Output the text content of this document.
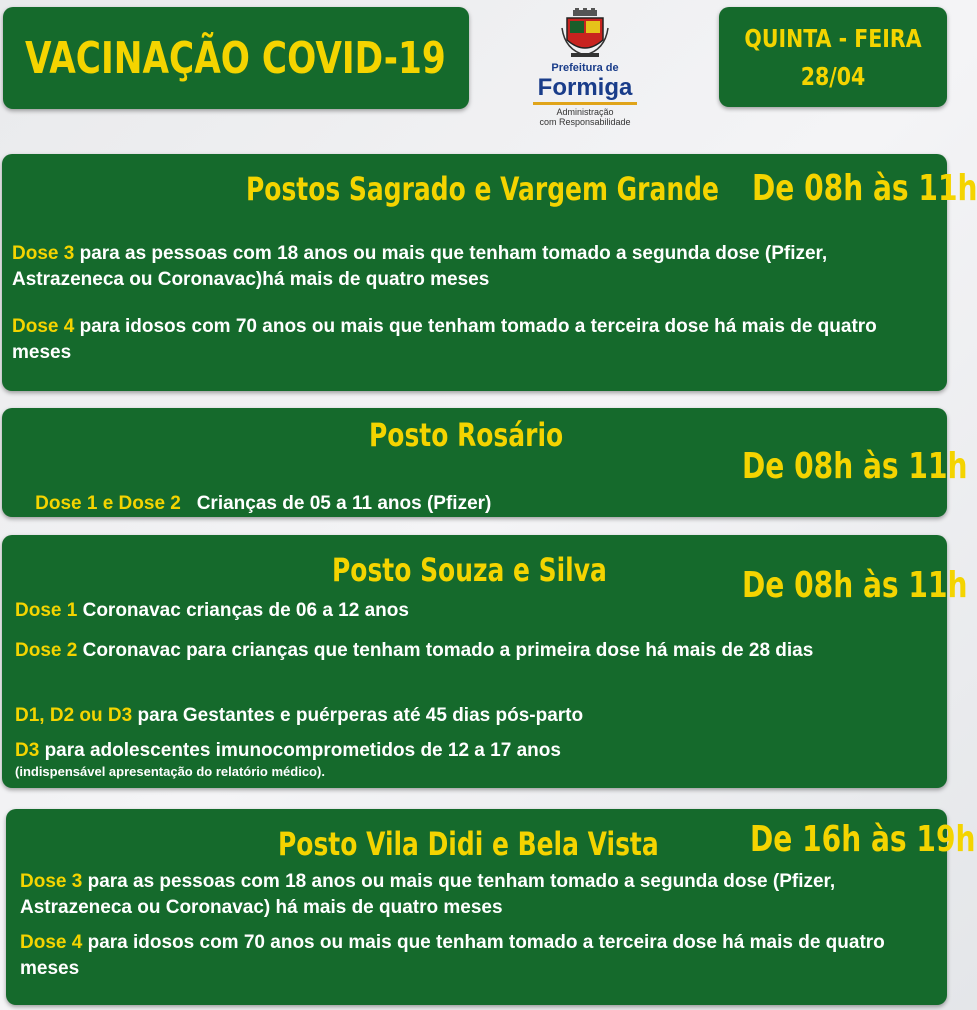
VACINAÇÃO COVID-19	Prefeitura de
Formiga
Administração
com Responsabilidade
QUINTA - FEIRA
28/04
Postos Sagrado e Vargem Grande De 08h às 11h
Dose 3 para as pessoas com 18 anos ou mais que tenham tomado a segunda dose (Pfizer, Astrazeneca ou Coronavac)há mais de quatro meses
Dose 4 para idosos com 70 anos ou mais que tenham tomado a terceira dose há mais de quatro meses
Posto Rosário
De 08h às 11h

Dose 1 e Dose 2   Crianças de 05 a 11 anos (Pfizer)

Posto Souza e Silva	De 08h às 11h
Dose 1 Coronavac crianças de 06 a 12 anos
Dose 2 Coronavac para crianças que tenham tomado a primeira dose há mais de 28 dias
D1, D2 ou D3 para Gestantes e puérperas até 45 dias pós-parto
D3 para adolescentes imunocomprometidos de 12 a 17 anos
(indispensável apresentação do relatório médico).
Posto Vila Didi e Bela Vista	De 16h às 19h
Dose 3 para as pessoas com 18 anos ou mais que tenham tomado a segunda dose (Pfizer, Astrazeneca ou Coronavac) há mais de quatro meses
Dose 4 para idosos com 70 anos ou mais que tenham tomado a terceira dose há mais de quatro meses
